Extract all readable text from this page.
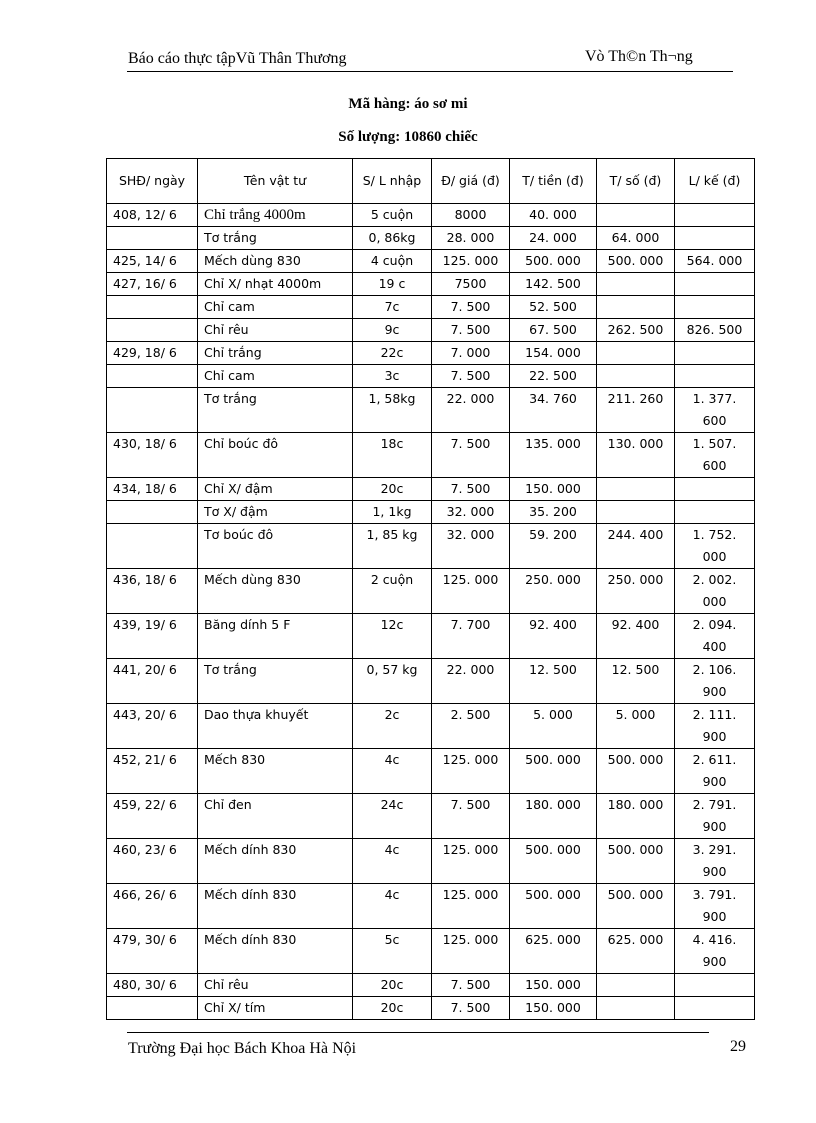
Báo cáo thực tậpVũ Thân Thương	Vò Th©n Th¬ng
Mã hàng: áo sơ mi
Số lượng: 10860 chiếc
SHĐ/ ngày	Tên vật tư	S/ L nhập	Đ/ giá (đ)	T/ tiền (đ)	T/ số (đ)	L/ kế (đ)
408, 12/ 6	Chỉ trắng 4000m	5 cuộn	8000	40. 000		
	Tơ trắng	0, 86kg	28. 000	24. 000	64. 000	
425, 14/ 6	Mếch dùng 830	4 cuộn	125. 000	500. 000	500. 000	564. 000
427, 16/ 6	Chỉ X/ nhạt 4000m	19 c	7500	142. 500		
	Chỉ cam	7c	7. 500	52. 500		
	Chỉ rêu	9c	7. 500	67. 500	262. 500	826. 500
429, 18/ 6	Chỉ trắng	22c	7. 000	154. 000		
	Chỉ cam	3c	7. 500	22. 500		
	Tơ trắng	1, 58kg	22. 000	34. 760	211. 260	1. 377. 600
430, 18/ 6	Chỉ boúc đô	18c	7. 500	135. 000	130. 000	1. 507. 600
434, 18/ 6	Chỉ X/ đậm	20c	7. 500	150. 000		
	Tơ X/ đậm	1, 1kg	32. 000	35. 200		
	Tơ boúc đô	1, 85 kg	32. 000	59. 200	244. 400	1. 752. 000
436, 18/ 6	Mếch dùng 830	2 cuộn	125. 000	250. 000	250. 000	2. 002. 000
439, 19/ 6	Băng dính 5 F	12c	7. 700	92. 400	92. 400	2. 094. 400
441, 20/ 6	Tơ trắng	0, 57 kg	22. 000	12. 500	12. 500	2. 106. 900
443, 20/ 6	Dao thựa khuyết	2c	2. 500	5. 000	5. 000	2. 111. 900
452, 21/ 6	Mếch 830	4c	125. 000	500. 000	500. 000	2. 611. 900
459, 22/ 6	Chỉ đen	24c	7. 500	180. 000	180. 000	2. 791. 900
460, 23/ 6	Mếch dính 830	4c	125. 000	500. 000	500. 000	3. 291. 900
466, 26/ 6	Mếch dính 830	4c	125. 000	500. 000	500. 000	3. 791. 900
479, 30/ 6	Mếch dính 830	5c	125. 000	625. 000	625. 000	4. 416. 900
480, 30/ 6	Chỉ rêu	20c	7. 500	150. 000		
	Chỉ X/ tím	20c	7. 500	150. 000		
Trường Đại học Bách Khoa Hà Nội	29
